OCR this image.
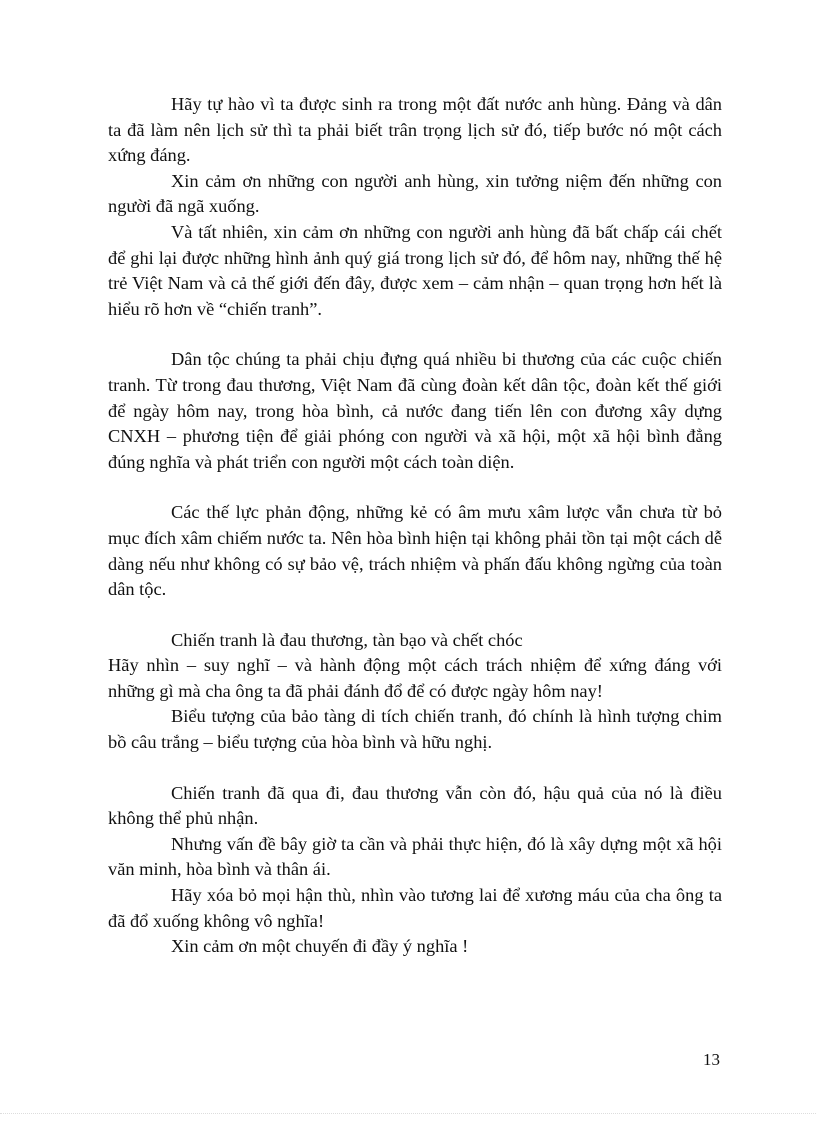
Hãy tự hào vì ta được sinh ra trong một đất nước anh hùng. Đảng và dân ta đã làm nên lịch sử thì ta phải biết trân trọng lịch sử đó, tiếp bước nó một cách xứng đáng.

Xin cảm ơn những con người anh hùng, xin tưởng niệm đến những con người đã ngã xuống.

Và tất nhiên, xin cảm ơn những con người anh hùng đã bất chấp cái chết để ghi lại được những hình ảnh quý giá trong lịch sử đó, để hôm nay, những thế hệ trẻ Việt Nam và cả thế giới đến đây, được xem – cảm nhận – quan trọng hơn hết là hiểu rõ hơn về “chiến tranh”.

Dân tộc chúng ta phải chịu đựng quá nhiều bi thương của các cuộc chiến tranh. Từ trong đau thương, Việt Nam đã cùng đoàn kết dân tộc, đoàn kết thế giới để ngày hôm nay, trong hòa bình, cả nước đang tiến lên con đương xây dựng CNXH – phương tiện để giải phóng con người và xã hội, một xã hội bình đẳng đúng nghĩa và phát triển con người một cách toàn diện.

Các thế lực phản động, những kẻ có âm mưu xâm lược vẫn chưa từ bỏ mục đích xâm chiếm nước ta. Nên hòa bình hiện tại không phải tồn tại một cách dễ dàng nếu như không có sự bảo vệ, trách nhiệm và phấn đấu không ngừng của toàn dân tộc.

Chiến tranh là đau thương, tàn bạo và chết chóc

Hãy nhìn – suy nghĩ – và hành động một cách trách nhiệm để xứng đáng với những gì mà cha ông ta đã phải đánh đổ để có được ngày hôm nay!

Biểu tượng của bảo tàng di tích chiến tranh, đó chính là hình tượng chim bồ câu trắng – biểu tượng của hòa bình và hữu nghị.

Chiến tranh đã qua đi, đau thương vẫn còn đó, hậu quả của nó là điều không thể phủ nhận.

Nhưng vấn đề bây giờ ta cần và phải thực hiện, đó là xây dựng một xã hội văn minh, hòa bình và thân ái.

Hãy xóa bỏ mọi hận thù, nhìn vào tương lai để xương máu của cha ông ta đã đổ xuống không vô nghĩa!

Xin cảm ơn một chuyến đi đầy ý nghĩa !

13
